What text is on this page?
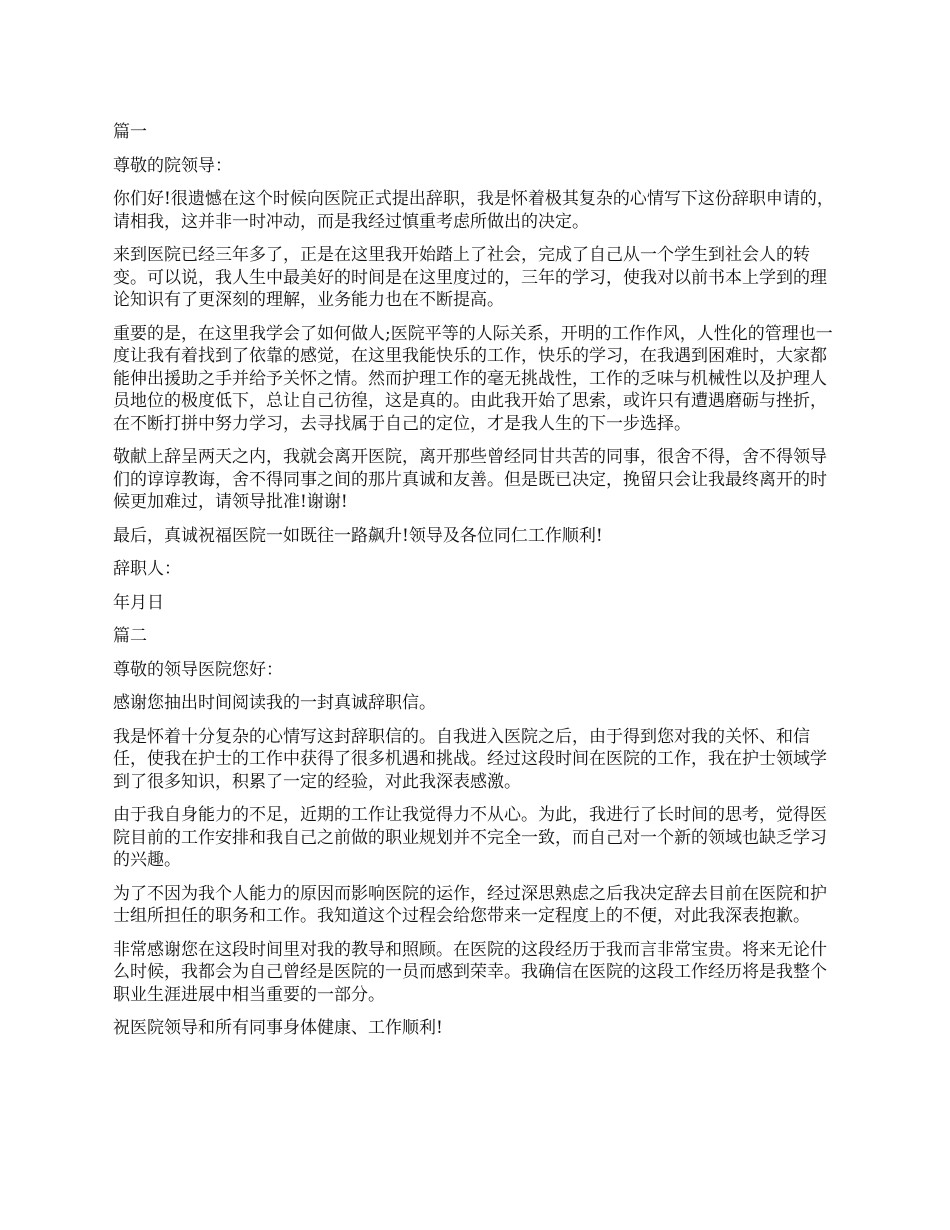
篇一

尊敬的院领导：

你们好!很遗憾在这个时候向医院正式提出辞职，我是怀着极其复杂的心情写下这份辞职申请的，请相我，这并非一时冲动，而是我经过慎重考虑所做出的决定。

来到医院已经三年多了，正是在这里我开始踏上了社会，完成了自己从一个学生到社会人的转变。可以说，我人生中最美好的时间是在这里度过的，三年的学习，使我对以前书本上学到的理论知识有了更深刻的理解，业务能力也在不断提高。

重要的是，在这里我学会了如何做人;医院平等的人际关系，开明的工作作风，人性化的管理也一度让我有着找到了依靠的感觉，在这里我能快乐的工作，快乐的学习，在我遇到困难时，大家都能伸出援助之手并给予关怀之情。然而护理工作的毫无挑战性，工作的乏味与机械性以及护理人员地位的极度低下，总让自己彷徨，这是真的。由此我开始了思索，或许只有遭遇磨砺与挫折，在不断打拼中努力学习，去寻找属于自己的定位，才是我人生的下一步选择。

敬献上辞呈两天之内，我就会离开医院，离开那些曾经同甘共苦的同事，很舍不得，舍不得领导们的谆谆教诲，舍不得同事之间的那片真诚和友善。但是既已决定，挽留只会让我最终离开的时候更加难过，请领导批准!谢谢!

最后，真诚祝福医院一如既往一路飙升!领导及各位同仁工作顺利!

辞职人：

年月日

篇二

尊敬的领导医院您好：

感谢您抽出时间阅读我的一封真诚辞职信。

我是怀着十分复杂的心情写这封辞职信的。自我进入医院之后，由于得到您对我的关怀、和信任，使我在护士的工作中获得了很多机遇和挑战。经过这段时间在医院的工作，我在护士领域学到了很多知识，积累了一定的经验，对此我深表感激。

由于我自身能力的不足，近期的工作让我觉得力不从心。为此，我进行了长时间的思考，觉得医院目前的工作安排和我自己之前做的职业规划并不完全一致，而自己对一个新的领域也缺乏学习的兴趣。

为了不因为我个人能力的原因而影响医院的运作，经过深思熟虑之后我决定辞去目前在医院和护士组所担任的职务和工作。我知道这个过程会给您带来一定程度上的不便，对此我深表抱歉。

非常感谢您在这段时间里对我的教导和照顾。在医院的这段经历于我而言非常宝贵。将来无论什么时候，我都会为自己曾经是医院的一员而感到荣幸。我确信在医院的这段工作经历将是我整个职业生涯进展中相当重要的一部分。

祝医院领导和所有同事身体健康、工作顺利!
